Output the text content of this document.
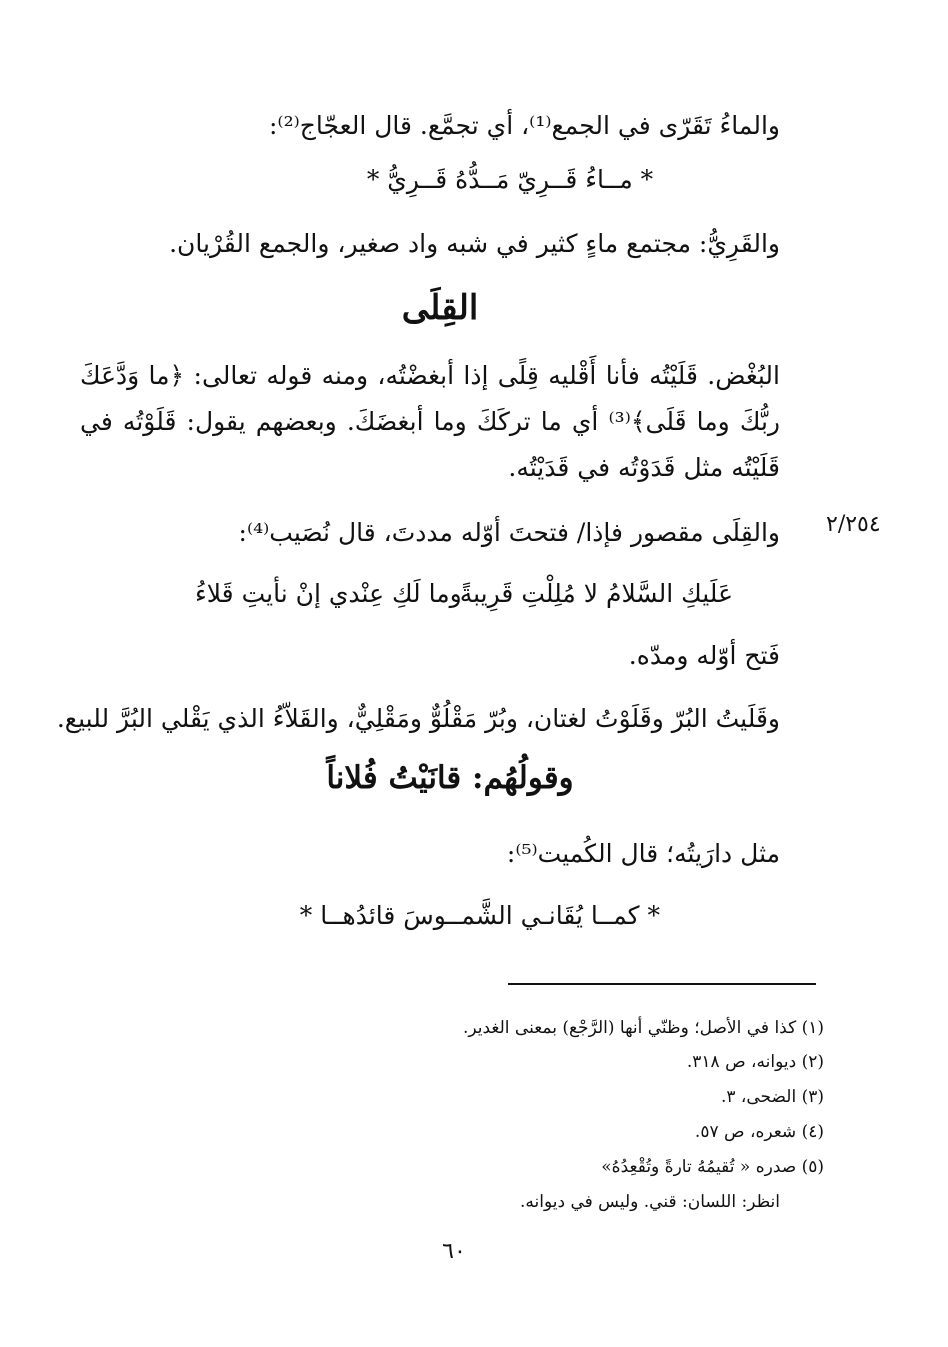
والماءُ تَقَرّى في الجمع⁽¹⁾، أي تجمَّع. قال العجّاج⁽²⁾:
* مــاءُ قَــرِيّ مَــدُّهُ قَــرِيُّ *
والقَرِيُّ: مجتمع ماءٍ كثير في شبه واد صغير، والجمع القُرْيان.
القِلَى
البُغْض. قَلَيْتُه فأنا أَقْليه قِلًى إذا أبغضْتُه، ومنه قوله تعالى: ﴿ما وَدَّعَكَ ربُّكَ وما قَلَى﴾⁽³⁾ أي ما تركَكَ وما أبغضَكَ. وبعضهم يقول: قَلَوْتُه في قَلَيْتُه مثل قَدَوْتُه في قَدَيْتُه.
٢/٢٥٤
والقِلَى مقصور فإذا/ فتحتَ أوّله مددتَ، قال نُصَيب⁽⁴⁾:
عَلَيكِ السَّلامُ لا مُلِلْتِ قَرِيبةً
وما لَكِ عِنْدي إنْ نأيتِ قَلاءُ
فَتح أوّله ومدّه.
وقَلَيتُ البُرّ وقَلَوْتُ لغتان، وبُرّ مَقْلُوٌّ ومَقْلِيٌّ، والقَلاّءُ الذي يَقْلي البُرَّ للبيع.
وقولُهُم: قانَيْتُ فُلاناً
مثل دارَيتُه؛ قال الكُميت⁽⁵⁾:
* كمــا يُقَانـي الشَّمــوسَ قائدُهــا *
(١) كذا في الأصل؛ وظنّي أنها (الرَّجْع) بمعنى الغدير.
(٢) ديوانه، ص ٣١٨.
(٣) الضحى، ٣.
(٤) شعره، ص ٥٧.
(٥) صدره « تُقيمُهُ تارةً وتُقْعِدُهُ»
انظر: اللسان: قني. وليس في ديوانه.
٦٠
